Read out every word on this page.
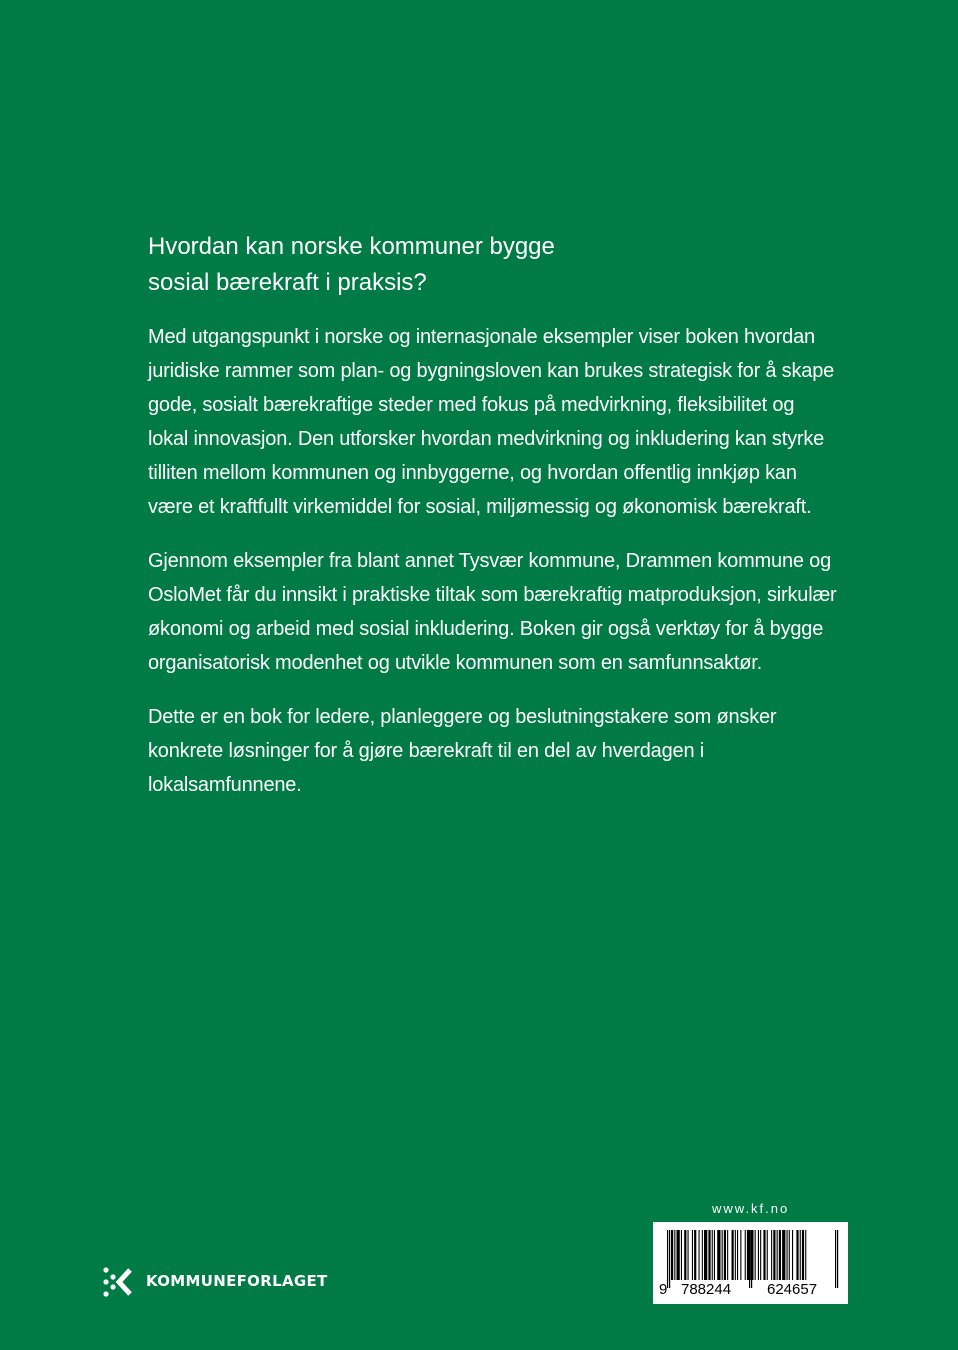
Hvordan kan norske kommuner bygge
sosial bærekraft i praksis?

Med utgangspunkt i norske og internasjonale eksempler viser boken hvordan juridiske rammer som plan- og bygningsloven kan brukes strategisk for å skape gode, sosialt bærekraftige steder med fokus på medvirkning, fleksibilitet og lokal innovasjon. Den utforsker hvordan medvirkning og inkludering kan styrke tilliten mellom kommunen og innbyggerne, og hvordan offentlig innkjøp kan være et kraftfullt virkemiddel for sosial, miljømessig og økonomisk bærekraft.

Gjennom eksempler fra blant annet Tysvær kommune, Drammen kommune og OsloMet får du innsikt i praktiske tiltak som bærekraftig matproduksjon, sirkulær økonomi og arbeid med sosial inkludering. Boken gir også verktøy for å bygge organisatorisk modenhet og utvikle kommunen som en samfunnsaktør.

Dette er en bok for ledere, planleggere og beslutningstakere som ønsker konkrete løsninger for å gjøre bærekraft til en del av hverdagen i lokalsamfunnene.

www.kf.no
9 788244 624657
KOMMUNEFORLAGET
